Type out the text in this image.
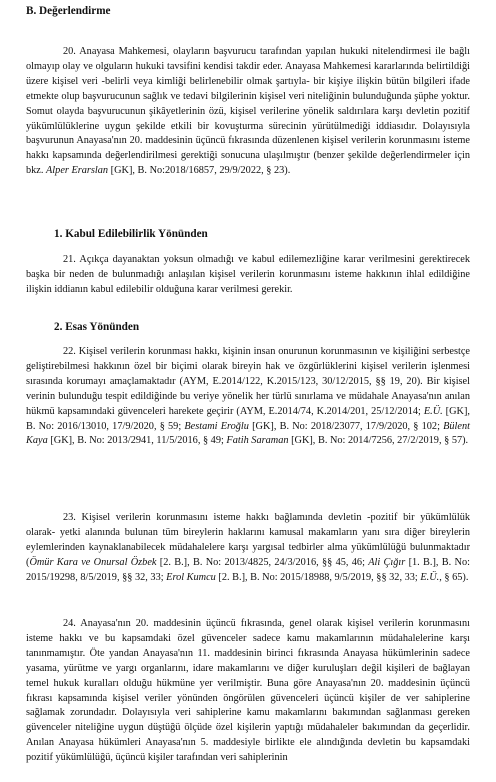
B. Değerlendirme

20. Anayasa Mahkemesi, olayların başvurucu tarafından yapılan hukuki nitelendirmesi ile bağlı olmayıp olay ve olguların hukuki tavsifini kendisi takdir eder. Anayasa Mahkemesi kararlarında belirtildiği üzere kişisel veri -belirli veya kimliği belirlenebilir olmak şartıyla- bir kişiye ilişkin bütün bilgileri ifade etmekte olup başvurucunun sağlık ve tedavi bilgilerinin kişisel veri niteliğinin bulunduğunda şüphe yoktur. Somut olayda başvurucunun şikâyetlerinin özü, kişisel verilerine yönelik saldırılara karşı devletin pozitif yükümlülüklerine uygun şekilde etkili bir kovuşturma sürecinin yürütülmediği iddiasıdır. Dolayısıyla başvurunun Anayasa'nın 20. maddesinin üçüncü fıkrasında düzenlenen kişisel verilerin korunmasını isteme hakkı kapsamında değerlendirilmesi gerektiği sonucuna ulaşılmıştır (benzer şekilde değerlendirmeler için bkz. Alper Erarslan [GK], B. No:2018/16857, 29/9/2022, § 23).

1. Kabul Edilebilirlik Yönünden

21. Açıkça dayanaktan yoksun olmadığı ve kabul edilemezliğine karar verilmesini gerektirecek başka bir neden de bulunmadığı anlaşılan kişisel verilerin korunmasını isteme hakkının ihlal edildiğine ilişkin iddianın kabul edilebilir olduğuna karar verilmesi gerekir.

2. Esas Yönünden

22. Kişisel verilerin korunması hakkı, kişinin insan onurunun korunmasının ve kişiliğini serbestçe geliştirebilmesi hakkının özel bir biçimi olarak bireyin hak ve özgürlüklerini kişisel verilerin işlenmesi sırasında korumayı amaçlamaktadır (AYM, E.2014/122, K.2015/123, 30/12/2015, §§ 19, 20). Bir kişisel verinin bulunduğu tespit edildiğinde bu veriye yönelik her türlü sınırlama ve müdahale Anayasa'nın anılan hükmü kapsamındaki güvenceleri harekete geçirir (AYM, E.2014/74, K.2014/201, 25/12/2014; E.Ü. [GK], B. No: 2016/13010, 17/9/2020, § 59; Bestami Eroğlu [GK], B. No: 2018/23077, 17/9/2020, § 102; Bülent Kaya [GK], B. No: 2013/2941, 11/5/2016, § 49; Fatih Saraman [GK], B. No: 2014/7256, 27/2/2019, § 57).

23. Kişisel verilerin korunmasını isteme hakkı bağlamında devletin -pozitif bir yükümlülük olarak- yetki alanında bulunan tüm bireylerin haklarını kamusal makamların yanı sıra diğer bireylerin eylemlerinden kaynaklanabilecek müdahalelere karşı yargısal tedbirler alma yükümlülüğü bulunmaktadır (Ömür Kara ve Onursal Özbek [2. B.], B. No: 2013/4825, 24/3/2016, §§ 45, 46; Ali Çığır [1. B.], B. No: 2015/19298, 8/5/2019, §§ 32, 33; Erol Kumcu [2. B.], B. No: 2015/18988, 9/5/2019, §§ 32, 33; E.Ü., § 65).

24. Anayasa'nın 20. maddesinin üçüncü fıkrasında, genel olarak kişisel verilerin korunmasını isteme hakkı ve bu kapsamdaki özel güvenceler sadece kamu makamlarının müdahalelerine karşı tanınmamıştır. Öte yandan Anayasa'nın 11. maddesinin birinci fıkrasında Anayasa hükümlerinin sadece yasama, yürütme ve yargı organlarını, idare makamlarını ve diğer kuruluşları değil kişileri de bağlayan temel hukuk kuralları olduğu hükmüne yer verilmiştir. Buna göre Anayasa'nın 20. maddesinin üçüncü fıkrası kapsamında kişisel veriler yönünden öngörülen güvenceleri üçüncü kişiler de ver sahiplerine sağlamak zorundadır. Dolayısıyla veri sahiplerine kamu makamlarını bakımından sağlanması gereken güvenceler niteliğine uygun düştüğü ölçüde özel kişilerin yaptığı müdahaleler bakımından da geçerlidir. Anılan Anayasa hükümleri Anayasa'nın 5. maddesiyle birlikte ele alındığında devletin bu kapsamdaki pozitif yükümlülüğü, üçüncü kişiler tarafından veri sahiplerinin
